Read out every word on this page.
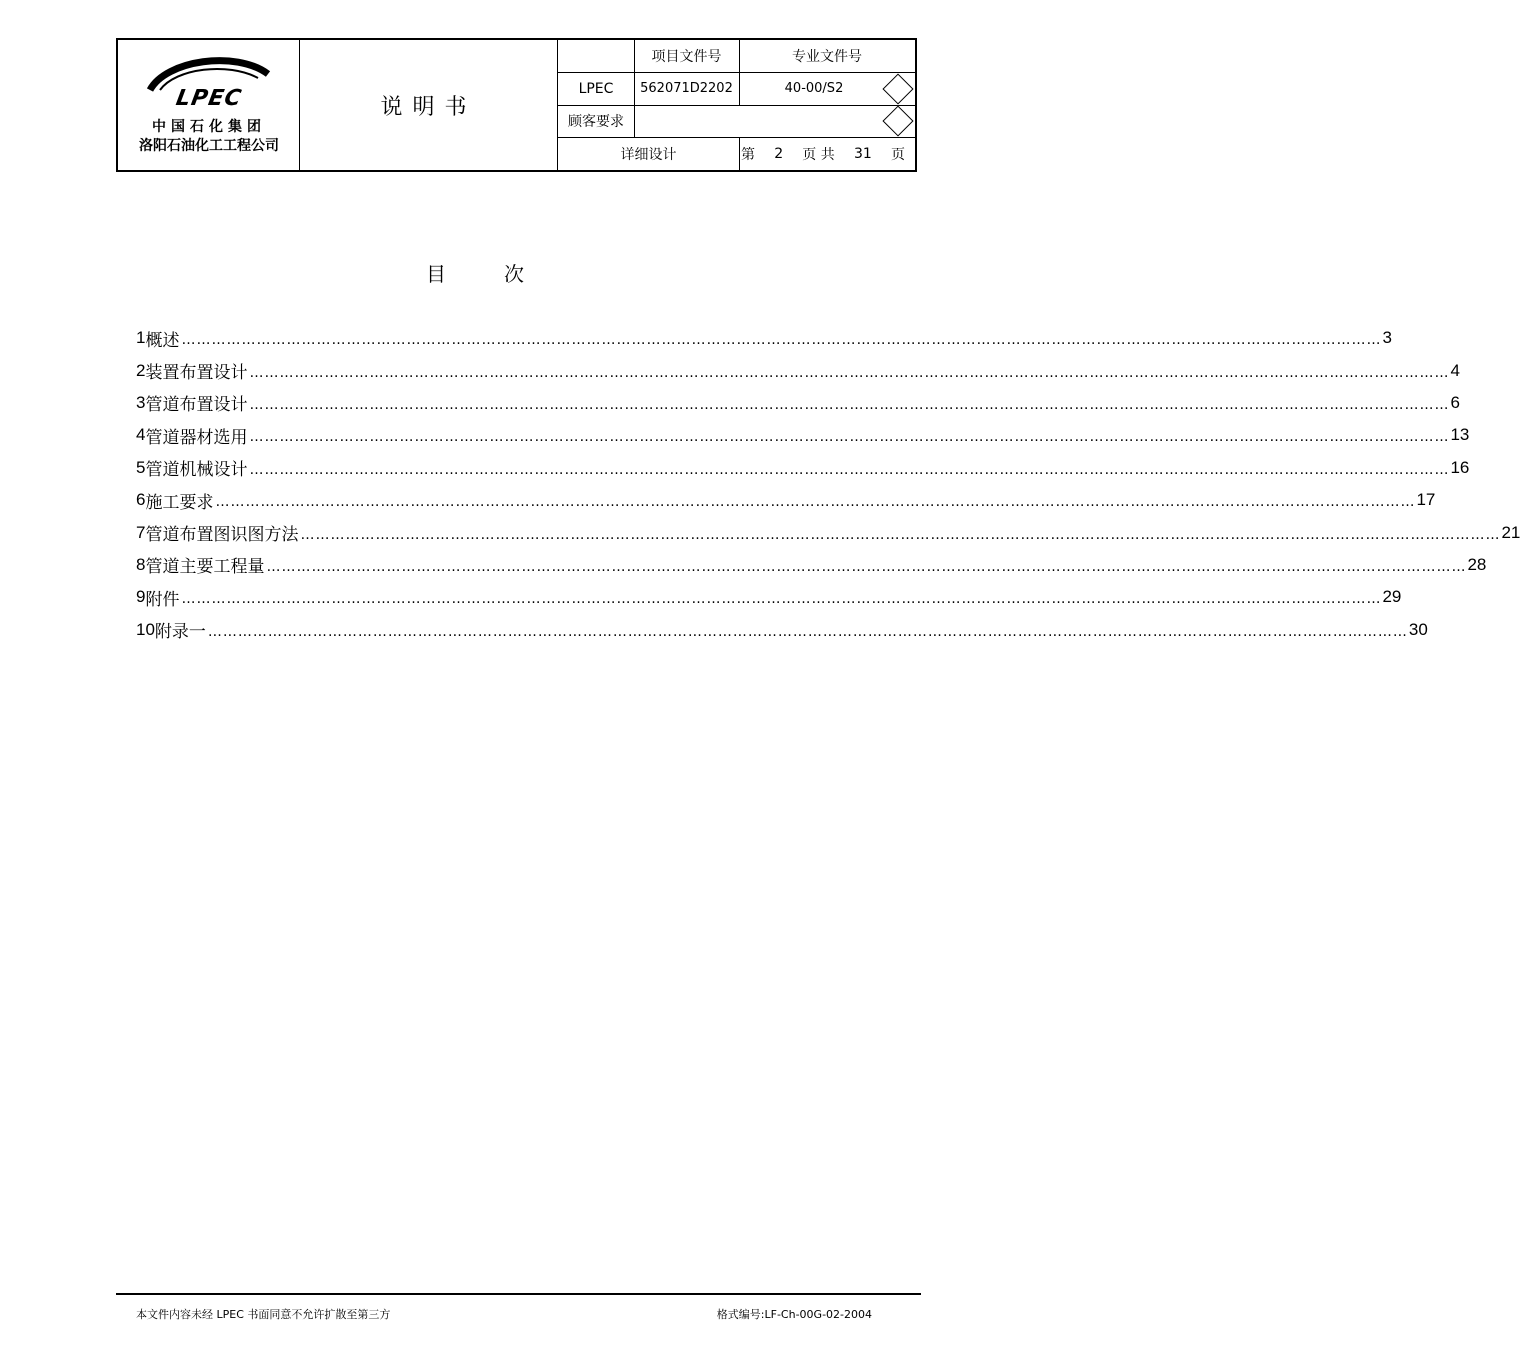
LPEC
中国石化集团
洛阳石油化工工程公司
说明书
项目文件号	专业文件号
LPEC	562071D2202	40-00/S2
顾客要求
详细设计	第 2 页 共 31 页
目	次
1 概述 …………………………………………………………………………………………………………………………………………………………………………………………………………………… 3
2 装置布置设计 …………………………………………………………………………………………………………………………………………………………………………………………………………………… 4
3 管道布置设计 …………………………………………………………………………………………………………………………………………………………………………………………………………………… 6
4 管道器材选用 …………………………………………………………………………………………………………………………………………………………………………………………………………………… 13
5 管道机械设计 …………………………………………………………………………………………………………………………………………………………………………………………………………………… 16
6 施工要求 …………………………………………………………………………………………………………………………………………………………………………………………………………………… 17
7 管道布置图识图方法 …………………………………………………………………………………………………………………………………………………………………………………………………………………… 21
8 管道主要工程量 …………………………………………………………………………………………………………………………………………………………………………………………………………………… 28
9 附件 …………………………………………………………………………………………………………………………………………………………………………………………………………………… 29
10 附录一 …………………………………………………………………………………………………………………………………………………………………………………………………………………… 30
本文件内容未经 LPEC 书面同意不允许扩散至第三方	格式编号:LF-Ch-00G-02-2004
